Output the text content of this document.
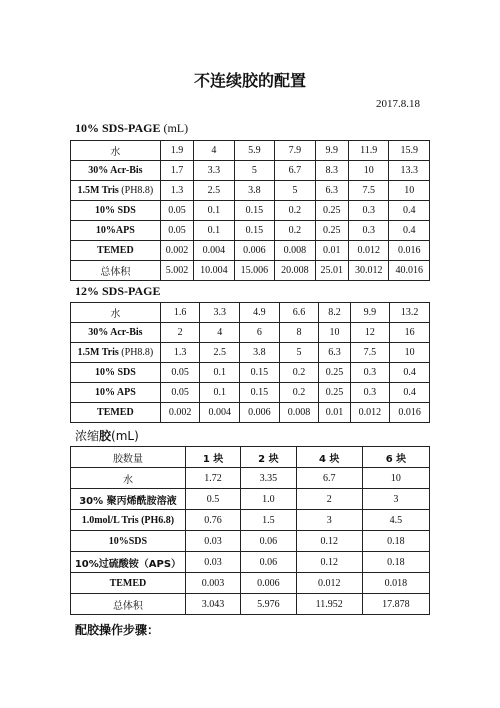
不连续胶的配置
2017.8.18
10% SDS-PAGE (mL)
水	1.9	4	5.9	7.9	9.9	11.9	15.9
30% Acr-Bis	1.7	3.3	5	6.7	8.3	10	13.3
1.5M Tris (PH8.8)	1.3	2.5	3.8	5	6.3	7.5	10
10% SDS	0.05	0.1	0.15	0.2	0.25	0.3	0.4
10%APS	0.05	0.1	0.15	0.2	0.25	0.3	0.4
TEMED	0.002	0.004	0.006	0.008	0.01	0.012	0.016
总体积	5.002	10.004	15.006	20.008	25.01	30.012	40.016
12% SDS-PAGE
水	1.6	3.3	4.9	6.6	8.2	9.9	13.2
30% Acr-Bis	2	4	6	8	10	12	16
1.5M Tris (PH8.8)	1.3	2.5	3.8	5	6.3	7.5	10
10% SDS	0.05	0.1	0.15	0.2	0.25	0.3	0.4
10% APS	0.05	0.1	0.15	0.2	0.25	0.3	0.4
TEMED	0.002	0.004	0.006	0.008	0.01	0.012	0.016
浓缩胶(mL)
胶数量	1 块	2 块	4 块	6 块
水	1.72	3.35	6.7	10
30% 聚丙烯酰胺溶液	0.5	1.0	2	3
1.0mol/L Tris (PH6.8)	0.76	1.5	3	4.5
10%SDS	0.03	0.06	0.12	0.18
10%过硫酸铵（APS）	0.03	0.06	0.12	0.18
TEMED	0.003	0.006	0.012	0.018
总体积	3.043	5.976	11.952	17.878
配胶操作步骤：
